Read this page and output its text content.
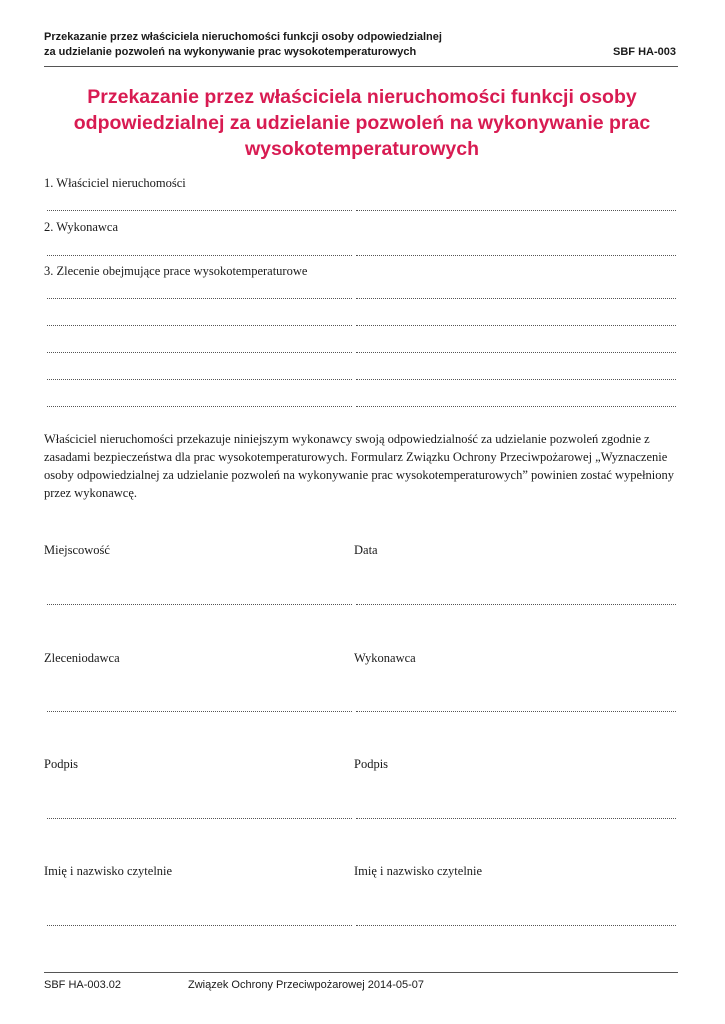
Przekazanie przez właściciela nieruchomości funkcji osoby odpowiedzialnej
za udzielanie pozwoleń na wykonywanie prac wysokotemperaturowych	SBF HA-003
Przekazanie przez właściciela nieruchomości funkcji osoby odpowiedzialnej za udzielanie pozwoleń na wykonywanie prac wysokotemperaturowych
1. Właściciel nieruchomości
2. Wykonawca
3. Zlecenie obejmujące prace wysokotemperaturowe
Właściciel nieruchomości przekazuje niniejszym wykonawcy swoją odpowiedzialność za udzielanie pozwoleń zgodnie z zasadami bezpieczeństwa dla prac wysokotemperaturowych. Formularz Związku Ochrony Przeciwpożarowej „Wyznaczenie osoby odpowiedzialnej za udzielanie pozwoleń na wykonywanie prac wysokotemperaturowych” powinien zostać wypełniony przez wykonawcę.
Miejscowość	Data
Zleceniodawca	Wykonawca
Podpis	Podpis
Imię i nazwisko czytelnie	Imię i nazwisko czytelnie
SBF HA-003.02	Związek Ochrony Przeciwpożarowej 2014-05-07
